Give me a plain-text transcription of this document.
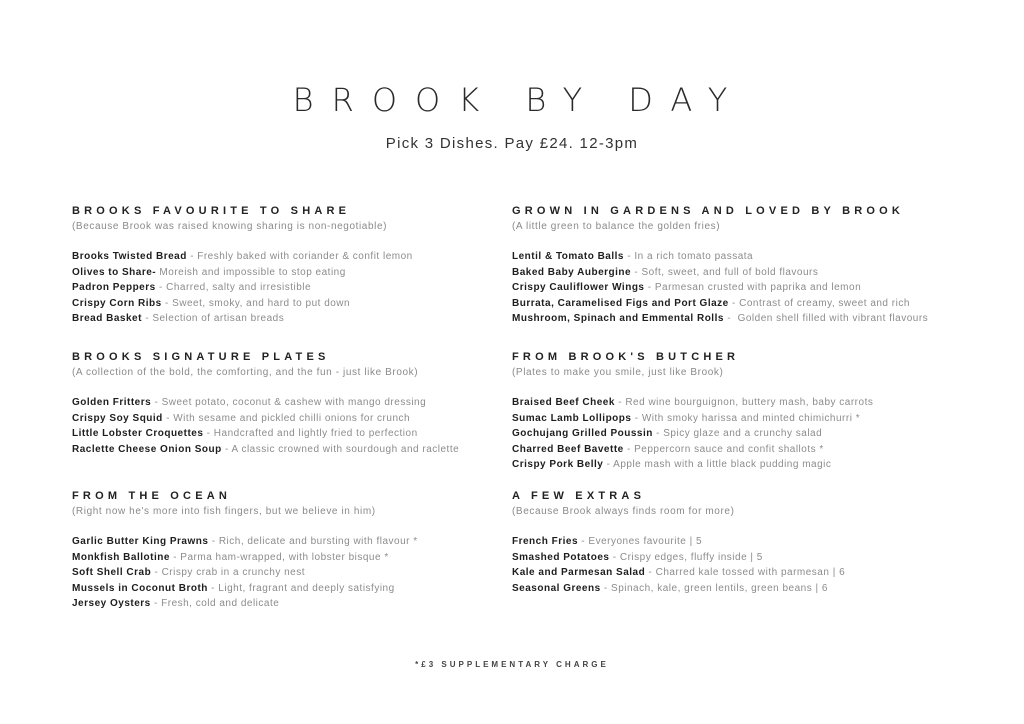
BROOK BY DAY
Pick 3 Dishes. Pay £24. 12-3pm

BROOKS FAVOURITE TO SHARE

(Because Brook was raised knowing sharing is non-negotiable)

Brooks Twisted Bread - Freshly baked with coriander & confit lemon
Olives to Share- Moreish and impossible to stop eating
Padron Peppers - Charred, salty and irresistible
Crispy Corn Ribs - Sweet, smoky, and hard to put down
Bread Basket - Selection of artisan breads

BROOKS SIGNATURE PLATES

(A collection of the bold, the comforting, and the fun - just like Brook)

Golden Fritters - Sweet potato, coconut & cashew with mango dressing
Crispy Soy Squid - With sesame and pickled chilli onions for crunch
Little Lobster Croquettes - Handcrafted and lightly fried to perfection
Raclette Cheese Onion Soup - A classic crowned with sourdough and raclette

FROM THE OCEAN

(Right now he's more into fish fingers, but we believe in him)

Garlic Butter King Prawns - Rich, delicate and bursting with flavour *
Monkfish Ballotine - Parma ham-wrapped, with lobster bisque *
Soft Shell Crab - Crispy crab in a crunchy nest
Mussels in Coconut Broth - Light, fragrant and deeply satisfying
Jersey Oysters - Fresh, cold and delicate

GROWN IN GARDENS AND LOVED BY BROOK

(A little green to balance the golden fries)

Lentil & Tomato Balls - In a rich tomato passata
Baked Baby Aubergine - Soft, sweet, and full of bold flavours
Crispy Cauliflower Wings - Parmesan crusted with paprika and lemon
Burrata, Caramelised Figs and Port Glaze - Contrast of creamy, sweet and rich
Mushroom, Spinach and Emmental Rolls -  Golden shell filled with vibrant flavours

FROM BROOK'S BUTCHER

(Plates to make you smile, just like Brook)

Braised Beef Cheek - Red wine bourguignon, buttery mash, baby carrots
Sumac Lamb Lollipops - With smoky harissa and minted chimichurri *
Gochujang Grilled Poussin - Spicy glaze and a crunchy salad
Charred Beef Bavette - Peppercorn sauce and confit shallots *
Crispy Pork Belly - Apple mash with a little black pudding magic

A FEW EXTRAS

(Because Brook always finds room for more)

French Fries - Everyones favourite | 5
Smashed Potatoes - Crispy edges, fluffy inside | 5
Kale and Parmesan Salad - Charred kale tossed with parmesan | 6
Seasonal Greens - Spinach, kale, green lentils, green beans | 6
*£3 SUPPLEMENTARY CHARGE
